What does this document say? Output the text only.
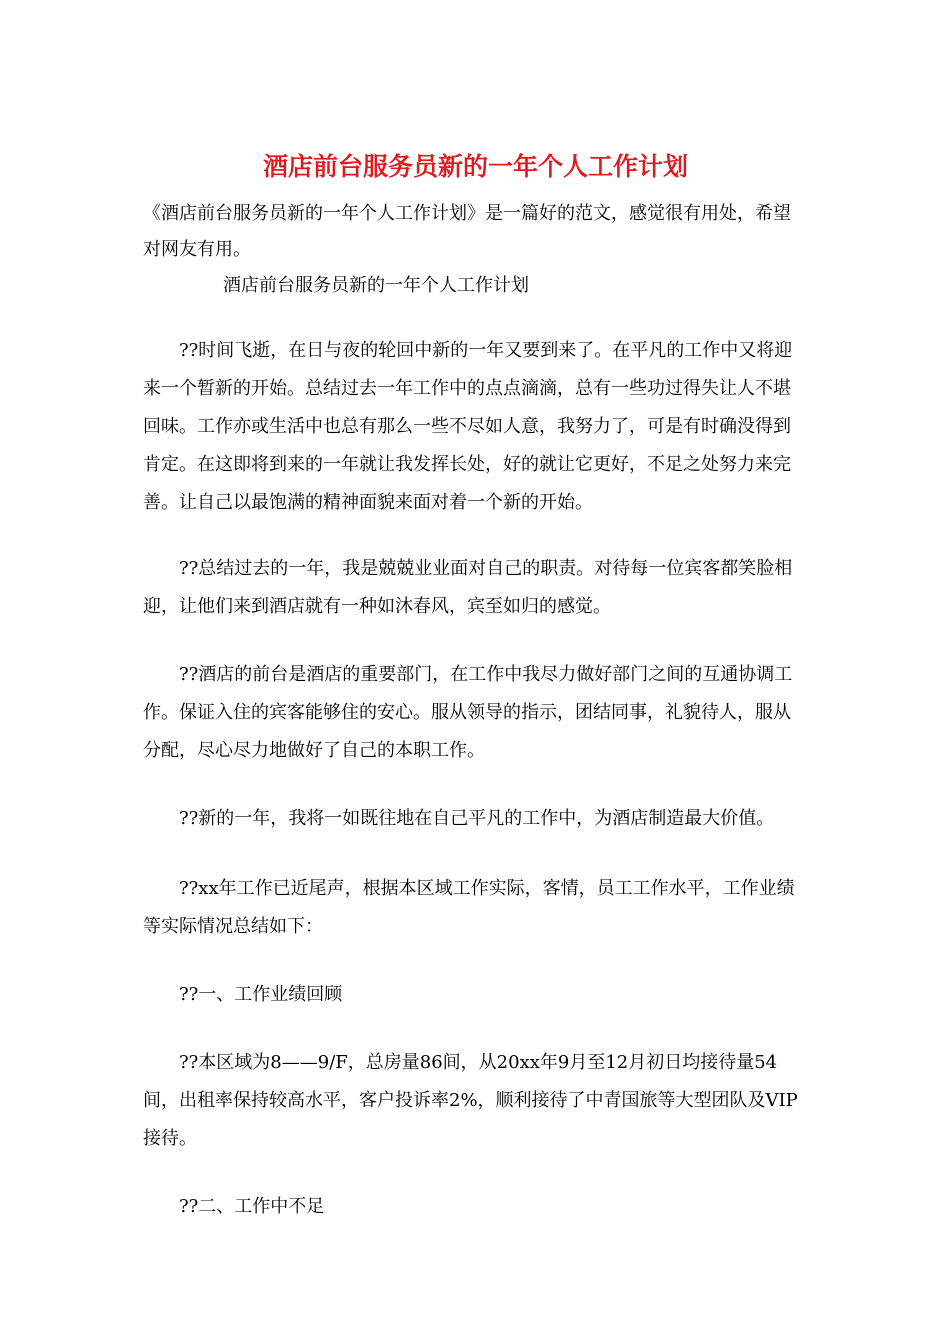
酒店前台服务员新的一年个人工作计划
《酒店前台服务员新的一年个人工作计划》是一篇好的范文，感觉很有用处，希望对网友有用。
酒店前台服务员新的一年个人工作计划
??时间飞逝，在日与夜的轮回中新的一年又要到来了。在平凡的工作中又将迎来一个暂新的开始。总结过去一年工作中的点点滴滴，总有一些功过得失让人不堪回味。工作亦或生活中也总有那么一些不尽如人意，我努力了，可是有时确没得到肯定。在这即将到来的一年就让我发挥长处，好的就让它更好，不足之处努力来完善。让自己以最饱满的精神面貌来面对着一个新的开始。
??总结过去的一年，我是兢兢业业面对自己的职责。对待每一位宾客都笑脸相迎，让他们来到酒店就有一种如沐春风，宾至如归的感觉。
??酒店的前台是酒店的重要部门，在工作中我尽力做好部门之间的互通协调工作。保证入住的宾客能够住的安心。服从领导的指示，团结同事，礼貌待人，服从分配，尽心尽力地做好了自己的本职工作。
??新的一年，我将一如既往地在自己平凡的工作中，为酒店制造最大价值。
??xx年工作已近尾声，根据本区域工作实际，客情，员工工作水平，工作业绩等实际情况总结如下：
??一、工作业绩回顾
??本区域为8——9/F，总房量86间，从20xx年9月至12月初日均接待量54间，出租率保持较高水平，客户投诉率2%，顺利接待了中青国旅等大型团队及VIP接待。
??二、工作中不足
